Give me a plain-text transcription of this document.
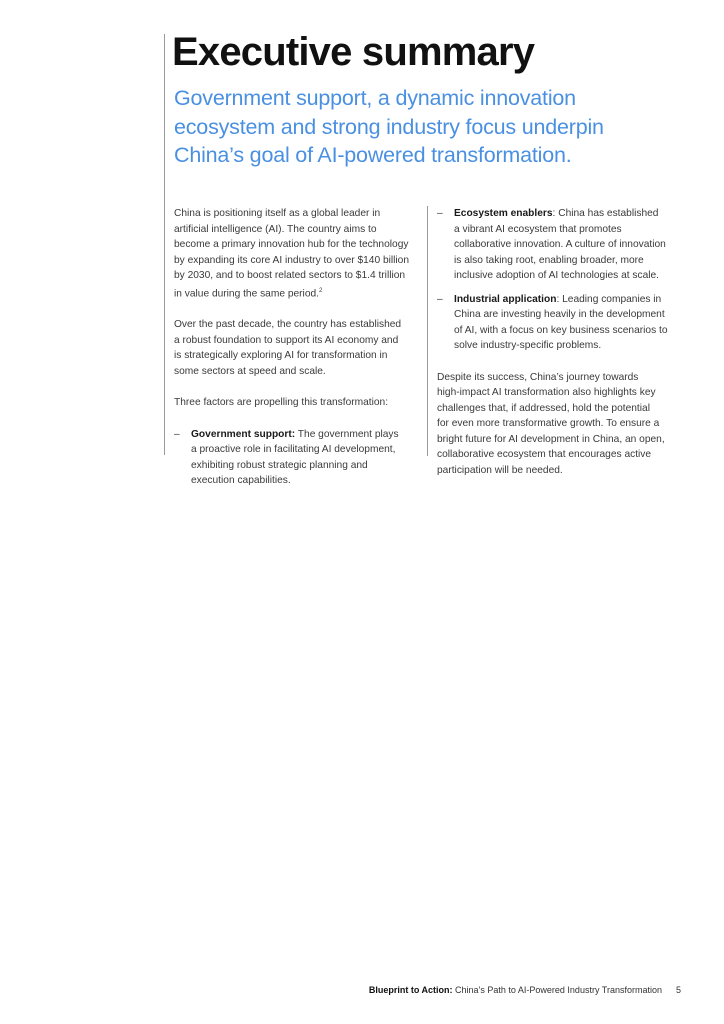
Executive summary
Government support, a dynamic innovation
ecosystem and strong industry focus underpin
China’s goal of AI-powered transformation.

China is positioning itself as a global leader in
artificial intelligence (AI). The country aims to
become a primary innovation hub for the technology
by expanding its core AI industry to over $140 billion
by 2030, and to boost related sectors to $1.4 trillion
in value during the same period.$^2$

Over the past decade, the country has established
a robust foundation to support its AI economy and
is strategically exploring AI for transformation in
some sectors at speed and scale.

Three factors are propelling this transformation:

– Government support: The government plays
a proactive role in facilitating AI development,
exhibiting robust strategic planning and
execution capabilities.
– Ecosystem enablers: China has established
a vibrant AI ecosystem that promotes
collaborative innovation. A culture of innovation
is also taking root, enabling broader, more
inclusive adoption of AI technologies at scale.
– Industrial application: Leading companies in
China are investing heavily in the development
of AI, with a focus on key business scenarios to
solve industry-specific problems.

Despite its success, China’s journey towards
high-impact AI transformation also highlights key
challenges that, if addressed, hold the potential
for even more transformative growth. To ensure a
bright future for AI development in China, an open,
collaborative ecosystem that encourages active
participation will be needed.

Blueprint to Action: China’s Path to AI-Powered Industry Transformation 5
